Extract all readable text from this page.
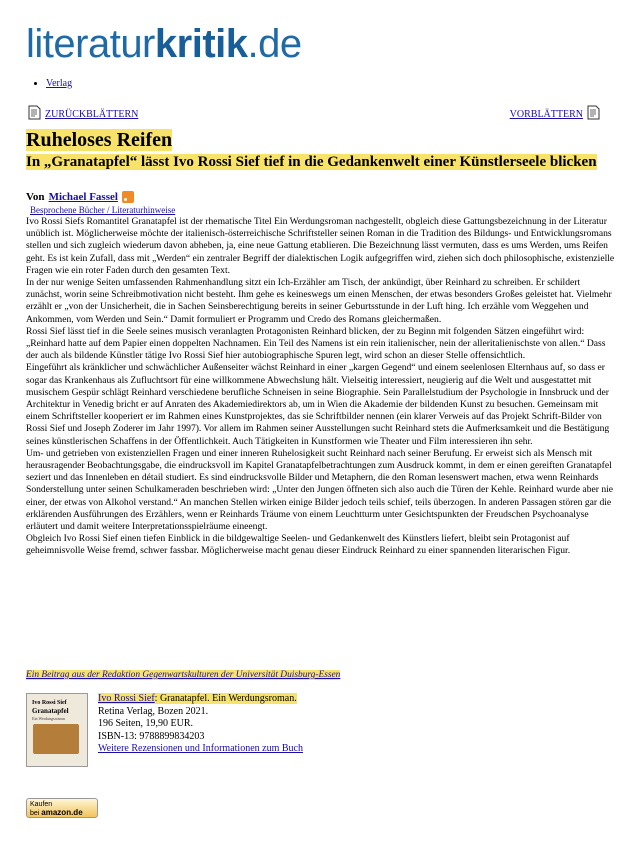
literaturkritik.de
• Verlag
ZURÜCKBLÄTTERN	VORBLÄTTERN
Ruheloses Reifen
In „Granatapfel“ lässt Ivo Rossi Sief tief in die Gedankenwelt einer Künstlerseele blicken
Von Michael Fassel
Besprochene Bücher / Literaturhinweise

Ivo Rossi Siefs Romantitel Granatapfel ist der rhematische Titel Ein Werdungsroman nachgestellt, obgleich diese Gattungsbezeichnung in der Literatur unüblich ist. Möglicherweise möchte der italienisch-österreichische Schriftsteller seinen Roman in die Tradition des Bildungs- und Entwicklungsromans stellen und sich zugleich wiederum davon abheben, ja, eine neue Gattung etablieren. Die Bezeichnung lässt vermuten, dass es ums Werden, ums Reifen geht. Es ist kein Zufall, dass mit „Werden“ ein zentraler Begriff der dialektischen Logik aufgegriffen wird, ziehen sich doch philosophische, existenzielle Fragen wie ein roter Faden durch den gesamten Text.

In der nur wenige Seiten umfassenden Rahmenhandlung sitzt ein Ich-Erzähler am Tisch, der ankündigt, über Reinhard zu schreiben. Er schildert zunächst, worin seine Schreibmotivation nicht besteht. Ihm gehe es keineswegs um einen Menschen, der etwas besonders Großes geleistet hat. Vielmehr erzählt er „von der Unsicherheit, die in Sachen Seinsberechtigung bereits in seiner Geburtsstunde in der Luft hing. Ich erzähle vom Weggehen und Ankommen, vom Werden und Sein.“ Damit formuliert er Programm und Credo des Romans gleichermaßen.

Rossi Sief lässt tief in die Seele seines musisch veranlagten Protagonisten Reinhard blicken, der zu Beginn mit folgenden Sätzen eingeführt wird: „Reinhard hatte auf dem Papier einen doppelten Nachnamen. Ein Teil des Namens ist ein rein italienischer, nein der alleritalienischste von allen.“ Dass der auch als bildende Künstler tätige Ivo Rossi Sief hier autobiographische Spuren legt, wird schon an dieser Stelle offensichtlich.

Eingeführt als kränklicher und schwächlicher Außenseiter wächst Reinhard in einer „kargen Gegend“ und einem seelenlosen Elternhaus auf, so dass er sogar das Krankenhaus als Zufluchtsort für eine willkommene Abwechslung hält. Vielseitig interessiert, neugierig auf die Welt und ausgestattet mit musischem Gespür schlägt Reinhard verschiedene berufliche Schneisen in seine Biographie. Sein Parallelstudium der Psychologie in Innsbruck und der Architektur in Venedig bricht er auf Anraten des Akademiedirektors ab, um in Wien die Akademie der bildenden Kunst zu besuchen. Gemeinsam mit einem Schriftsteller kooperiert er im Rahmen eines Kunstprojektes, das sie Schriftbilder nennen (ein klarer Verweis auf das Projekt Schrift-Bilder von Rossi Sief und Joseph Zoderer im Jahr 1997). Vor allem im Rahmen seiner Ausstellungen sucht Reinhard stets die Aufmerksamkeit und die Bestätigung seines künstlerischen Schaffens in der Öffentlichkeit. Auch Tätigkeiten in Kunstformen wie Theater und Film interessieren ihn sehr.

Um- und getrieben von existenziellen Fragen und einer inneren Ruhelosigkeit sucht Reinhard nach seiner Berufung. Er erweist sich als Mensch mit herausragender Beobachtungsgabe, die eindrucksvoll im Kapitel Granatapfelbetrachtungen zum Ausdruck kommt, in dem er einen gereiften Granatapfel seziert und das Innenleben en détail studiert. Es sind eindrucksvolle Bilder und Metaphern, die den Roman lesenswert machen, etwa wenn Reinhards Sonderstellung unter seinen Schulkameraden beschrieben wird: „Unter den Jungen öffneten sich also auch die Türen der Kehle. Reinhard wurde aber nie einer, der etwas von Alkohol verstand.“ An manchen Stellen wirken einige Bilder jedoch teils schief, teils überzogen. In anderen Passagen stören gar die erklärenden Ausführungen des Erzählers, wenn er Reinhards Träume von einem Leuchtturm unter Gesichtspunkten der Freudschen Psychoanalyse erläutert und damit weitere Interpretationsspielräume eineengt.

Obgleich Ivo Rossi Sief einen tiefen Einblick in die bildgewaltige Seelen- und Gedankenwelt des Künstlers liefert, bleibt sein Protagonist auf geheimnisvolle Weise fremd, schwer fassbar. Möglicherweise macht genau dieser Eindruck Reinhard zu einer spannenden literarischen Figur.

Ein Beitrag aus der Redaktion Gegenwartskulturen der Universität Duisburg-Essen
Ivo Rossi Sief
Granatapfel
Ein Werdungsroman
Ivo Rossi Sief: Granatapfel. Ein Werdungsroman.
Retina Verlag, Bozen 2021.
196 Seiten, 19,90 EUR.
ISBN-13: 9788899834203
Weitere Rezensionen und Informationen zum Buch
Kaufen
bei amazon.de
